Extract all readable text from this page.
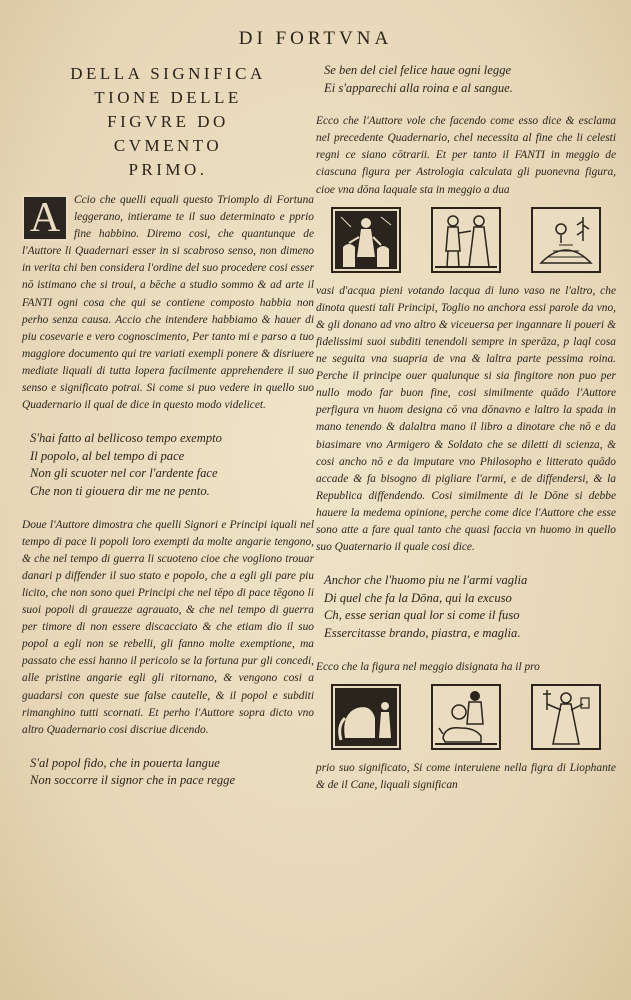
DI FORTVNA
DELLA SIGNIFICA
TIONE DELLE
FIGVRE DO
CVMENTO
PRIMO.
A	Ccio che quelli equali questo Triomplo di Fortuna leggerano, intierame te il suo determinato e pprio fine habbino. Diremo cosi, che quantunque de l'Auttore li Quadernari esser in si scabroso senso, non dimeno in verita chi ben considera l'ordine del suo procedere cosi esser nō istimano che si troui, a bēche a studio sommo & ad arte il FANTI ogni cosa che qui se contiene composto habbia non perho senza causa. Accio che intendere habbiamo & hauer di piu cosevarie e vero cognoscimento, Per tanto mi e parso a tuo maggiore documento qui tre variati exempli ponere & disriuere mediate liquali di tutta lopera facilmente apprehendere il suo senso e significato potrai. Si come si puo vedere in quello suo Quadernario il qual de dice in questo modo videlicet.

S'hai fatto al bellicoso tempo exempto
Il popolo, al bel tempo di pace
Non gli scuoter nel cor l'ardente face
Che non ti giouera dir me ne pento.

Doue l'Auttore dimostra che quelli Signori e Principi iquali nel tempo di pace li popoli loro exempti da molte angarie tengono, & che nel tempo di guerra li scuoteno cioe che vogliono trouar danari p diffender il suo stato e popolo, che a egli gli pare piu licito, che non sono quei Principi che nel tēpo di pace tēgono li suoi popoli di grauezze agrauato, & che nel tempo di guerra per timore di non essere discacciato & che etiam dio il suo popol a egli non se rebelli, gli fanno molte exemptione, ma passato che essi hanno il pericolo se la fortuna pur gli concedi, alle pristine angarie egli gli ritornano, & vengono cosi a guadarsi con queste sue false cautelle, & il popol e subditi rimanghino tutti scornati. Et perho l'Auttore sopra dicto vno altro Quadernario cosi discriue dicendo.

S'al popol fido, che in pouerta langue
Non soccorre il signor che in pace regge
Se ben del ciel felice haue ogni legge
Ei s'apparechi alla roina e al sangue.

Ecco che l'Auttore vole che facendo come esso dice & esclama nel precedente Quadernario, chel necessita al fine che li celesti regni ce siano cōtrarii. Et per tanto il FANTI in meggio de ciascuna figura per Astrologia calculata gli puonevna figura, cioe vna dōna laquale sta in meggio a dua

vasi d'acqua pieni votando lacqua di luno vaso ne l'altro, che dinota questi tali Principi, Toglio no anchora essi parole da vno, & gli donano ad vno altro & viceuersa per ingannare li poueri & fidelissimi suoi subditi tenendoli sempre in sperāza, p laql cosa ne seguita vna suapria de vna & laltra parte pessima roina. Perche il principe ouer qualunque si sia fingitore non puo per nullo modo far buon fine, cosi similmente quādo l'Auttore perfigura vn huom designa cō vna dōnavno e laltro la spada in mano tenendo & dalaltra mano il libro a dinotare che nō e da biasimare vno Armigero & Soldato che se diletti di scienza, & cosi ancho nō e da imputare vno Philosopho e litterato quādo accade & fa bisogno di pigliare l'armi, e de diffendersi, & la Republica diffendendo. Cosi similmente di le Dōne si debbe hauere la medema opinione, perche come dice l'Auttore che esse sono atte a fare qual tanto che quasi faccia vn huomo in quello suo Quaternario il quale cosi dice.

Anchor che l'huomo piu ne l'armi vaglia
Di quel che fa la Dōna, qui la excuso
Ch, esse serian qual lor si come il fuso
Essercitasse brando, piastra, e maglia.

Ecco che la figura nel meggio disignata ha il pro

prio suo significato, Si come interuiene nella figra di Liophante & de il Cane, liquali significan
